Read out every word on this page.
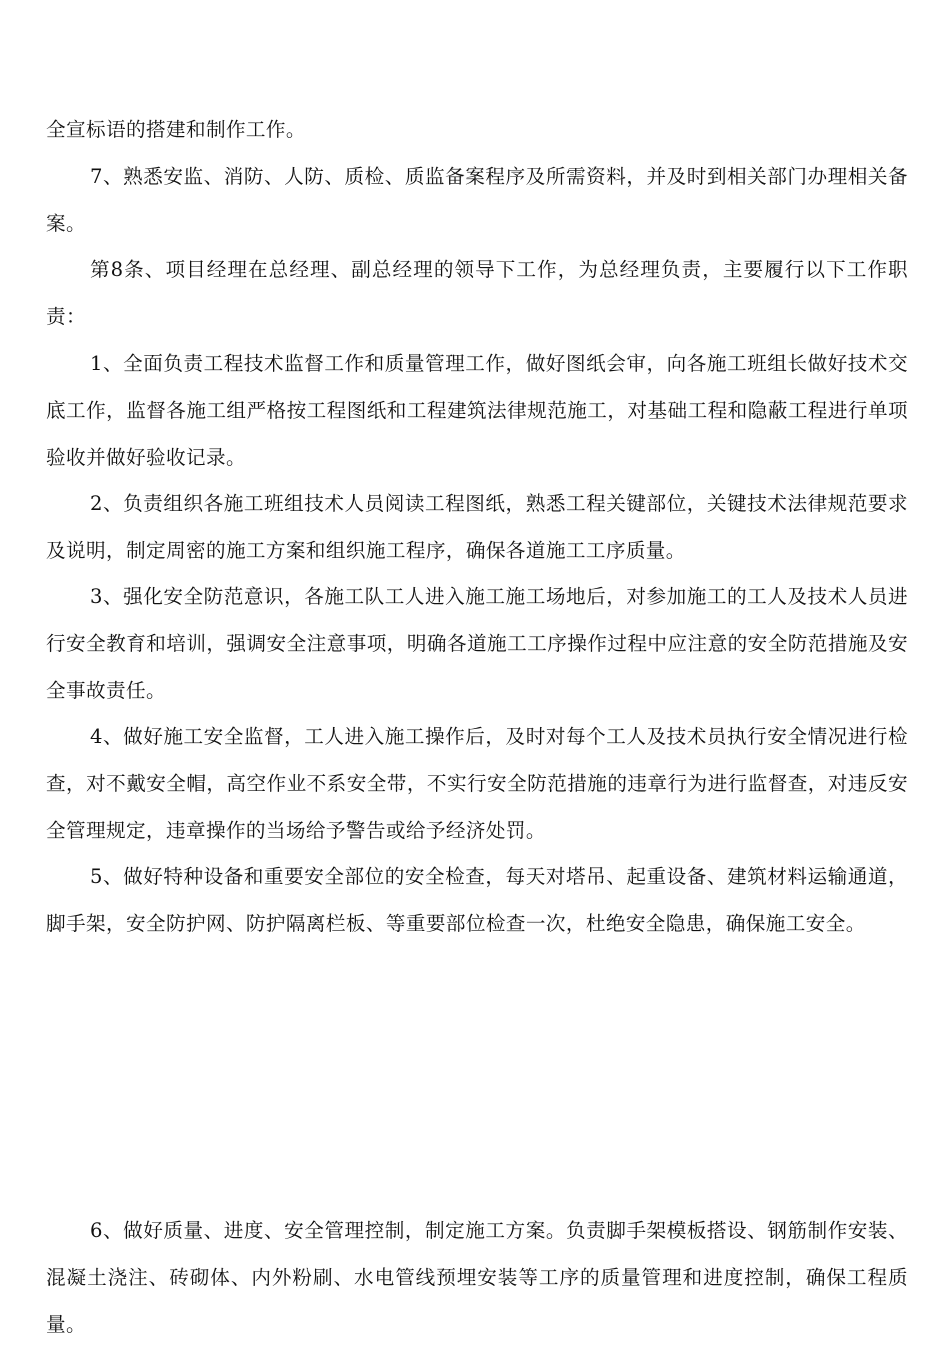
全宣标语的搭建和制作工作。

7、熟悉安监、消防、人防、质检、质监备案程序及所需资料，并及时到相关部门办理相关备案。

第8条、项目经理在总经理、副总经理的领导下工作，为总经理负责，主要履行以下工作职责：

1、全面负责工程技术监督工作和质量管理工作，做好图纸会审，向各施工班组长做好技术交底工作，监督各施工组严格按工程图纸和工程建筑法律规范施工，对基础工程和隐蔽工程进行单项验收并做好验收记录。

2、负责组织各施工班组技术人员阅读工程图纸，熟悉工程关键部位，关键技术法律规范要求及说明，制定周密的施工方案和组织施工程序，确保各道施工工序质量。

3、强化安全防范意识，各施工队工人进入施工施工场地后，对参加施工的工人及技术人员进行安全教育和培训，强调安全注意事项，明确各道施工工序操作过程中应注意的安全防范措施及安全事故责任。

4、做好施工安全监督，工人进入施工操作后，及时对每个工人及技术员执行安全情况进行检查，对不戴安全帽，高空作业不系安全带，不实行安全防范措施的违章行为进行监督查，对违反安全管理规定，违章操作的当场给予警告或给予经济处罚。

5、做好特种设备和重要安全部位的安全检查，每天对塔吊、起重设备、建筑材料运输通道，脚手架，安全防护网、防护隔离栏板、等重要部位检查一次，杜绝安全隐患，确保施工安全。

6、做好质量、进度、安全管理控制，制定施工方案。负责脚手架模板搭设、钢筋制作安装、混凝土浇注、砖砌体、内外粉刷、水电管线预埋安装等工序的质量管理和进度控制，确保工程质量。
